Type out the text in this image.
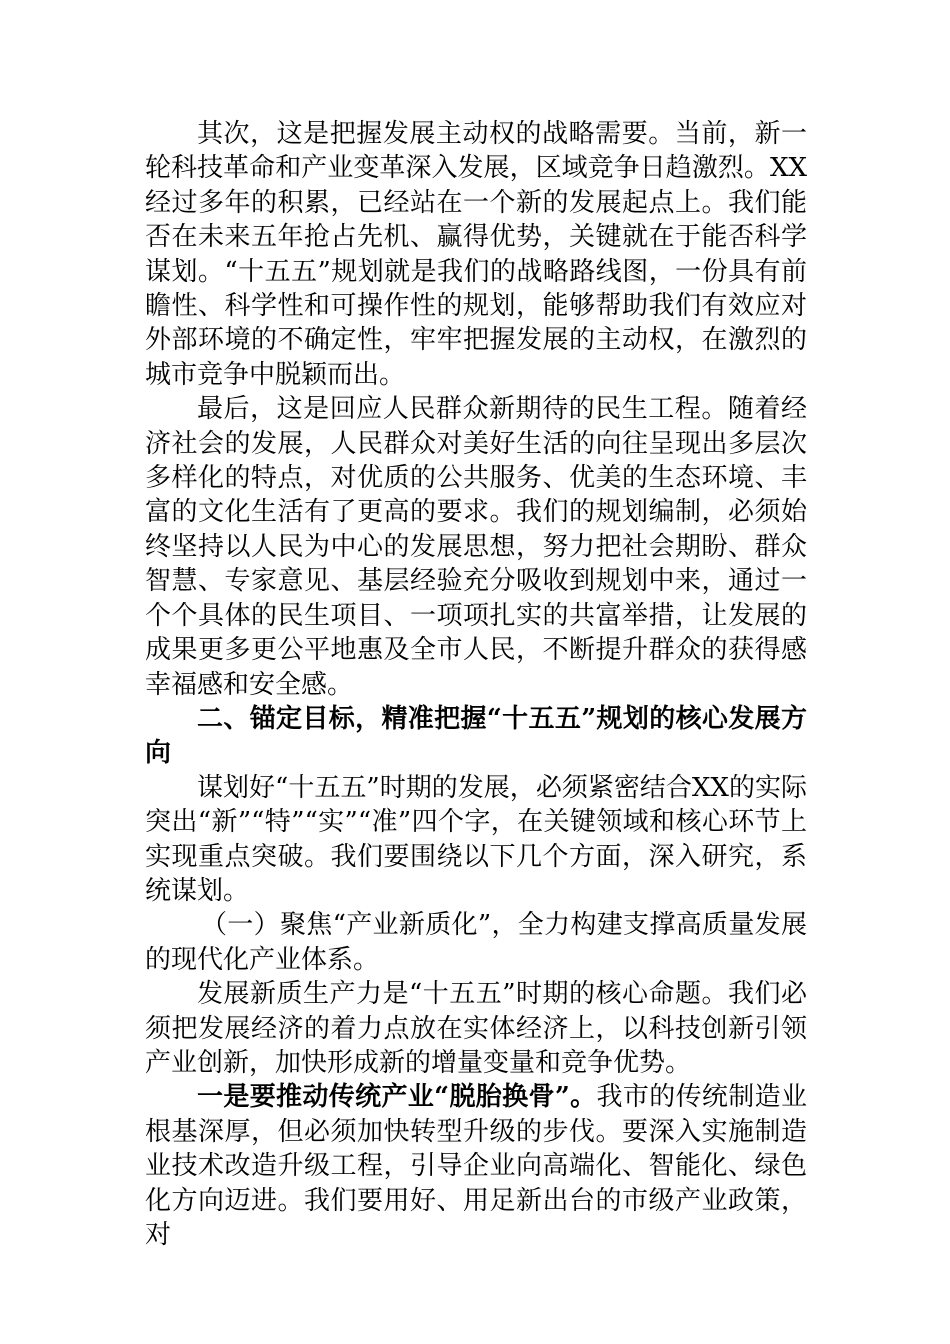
其次，这是把握发展主动权的战略需要。当前，新一轮科技革命和产业变革深入发展，区域竞争日趋激烈。XX经过多年的积累，已经站在一个新的发展起点上。我们能否在未来五年抢占先机、赢得优势，关键就在于能否科学谋划。“十五五”规划就是我们的战略路线图，一份具有前瞻性、科学性和可操作性的规划，能够帮助我们有效应对外部环境的不确定性，牢牢把握发展的主动权，在激烈的城市竞争中脱颖而出。

最后，这是回应人民群众新期待的民生工程。随着经济社会的发展，人民群众对美好生活的向往呈现出多层次多样化的特点，对优质的公共服务、优美的生态环境、丰富的文化生活有了更高的要求。我们的规划编制，必须始终坚持以人民为中心的发展思想，努力把社会期盼、群众智慧、专家意见、基层经验充分吸收到规划中来，通过一个个具体的民生项目、一项项扎实的共富举措，让发展的成果更多更公平地惠及全市人民，不断提升群众的获得感幸福感和安全感。

二、锚定目标，精准把握“十五五”规划的核心发展方向

谋划好“十五五”时期的发展，必须紧密结合XX的实际突出“新”“特”“实”“准”四个字，在关键领域和核心环节上实现重点突破。我们要围绕以下几个方面，深入研究，系统谋划。

（一）聚焦“产业新质化”，全力构建支撑高质量发展的现代化产业体系。

发展新质生产力是“十五五”时期的核心命题。我们必须把发展经济的着力点放在实体经济上，以科技创新引领产业创新，加快形成新的增量变量和竞争优势。

一是要推动传统产业“脱胎换骨”。我市的传统制造业根基深厚，但必须加快转型升级的步伐。要深入实施制造业技术改造升级工程，引导企业向高端化、智能化、绿色化方向迈进。我们要用好、用足新出台的市级产业政策，对
